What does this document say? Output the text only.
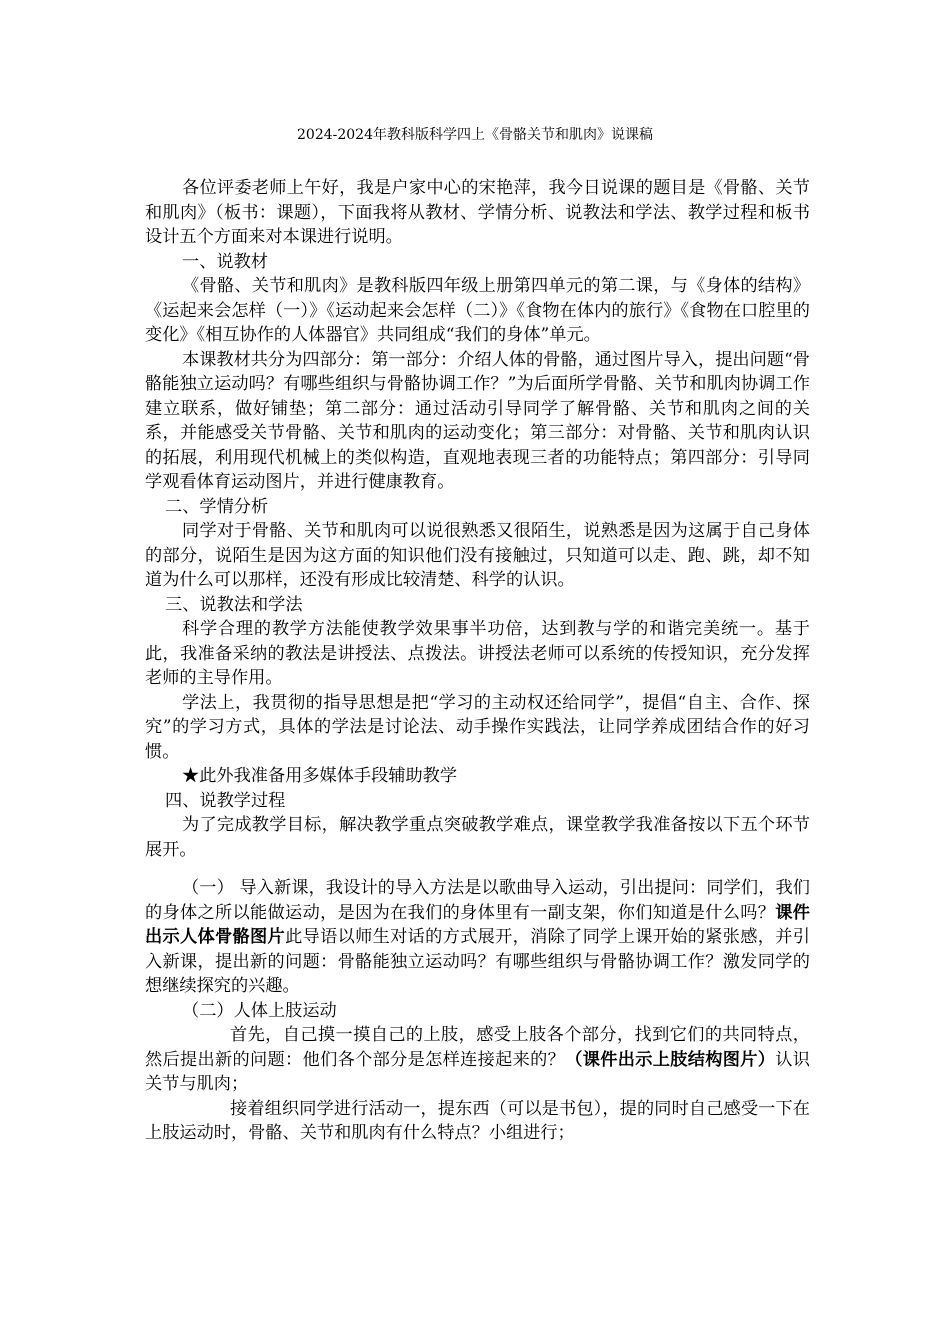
2024-2024年教科版科学四上《骨骼关节和肌肉》说课稿

各位评委老师上午好，我是户家中心的宋艳萍，我今日说课的题目是《骨骼、关节和肌肉》（板书：课题），下面我将从教材、学情分析、说教法和学法、教学过程和板书设计五个方面来对本课进行说明。

一、说教材

《骨骼、关节和肌肉》是教科版四年级上册第四单元的第二课，与《身体的结构》《运起来会怎样（一）》《运动起来会怎样（二）》《食物在体内的旅行》《食物在口腔里的变化》《相互协作的人体器官》共同组成“我们的身体”单元。

本课教材共分为四部分：第一部分：介绍人体的骨骼，通过图片导入，提出问题“骨骼能独立运动吗？有哪些组织与骨骼协调工作？”为后面所学骨骼、关节和肌肉协调工作建立联系，做好铺垫；第二部分：通过活动引导同学了解骨骼、关节和肌肉之间的关系，并能感受关节骨骼、关节和肌肉的运动变化；第三部分：对骨骼、关节和肌肉认识的拓展，利用现代机械上的类似构造，直观地表现三者的功能特点；第四部分：引导同学观看体育运动图片，并进行健康教育。

二、学情分析

同学对于骨骼、关节和肌肉可以说很熟悉又很陌生，说熟悉是因为这属于自己身体的部分，说陌生是因为这方面的知识他们没有接触过，只知道可以走、跑、跳，却不知道为什么可以那样，还没有形成比较清楚、科学的认识。

三、说教法和学法

科学合理的教学方法能使教学效果事半功倍，达到教与学的和谐完美统一。基于此，我准备采纳的教法是讲授法、点拨法。讲授法老师可以系统的传授知识，充分发挥老师的主导作用。

学法上，我贯彻的指导思想是把“学习的主动权还给同学”，提倡“自主、合作、探究”的学习方式，具体的学法是讨论法、动手操作实践法，让同学养成团结合作的好习惯。

★此外我准备用多媒体手段辅助教学

四、说教学过程

为了完成教学目标，解决教学重点突破教学难点，课堂教学我准备按以下五个环节展开。

（一） 导入新课，我设计的导入方法是以歌曲导入运动，引出提问：同学们，我们的身体之所以能做运动，是因为在我们的身体里有一副支架，你们知道是什么吗？课件出示人体骨骼图片此导语以师生对话的方式展开，消除了同学上课开始的紧张感，并引入新课，提出新的问题：骨骼能独立运动吗？有哪些组织与骨骼协调工作？激发同学的想继续探究的兴趣。

（二）人体上肢运动

首先，自己摸一摸自己的上肢，感受上肢各个部分，找到它们的共同特点，然后提出新的问题：他们各个部分是怎样连接起来的？（课件出示上肢结构图片）认识关节与肌肉；

接着组织同学进行活动一，提东西（可以是书包），提的同时自己感受一下在上肢运动时，骨骼、关节和肌肉有什么特点？小组进行；
